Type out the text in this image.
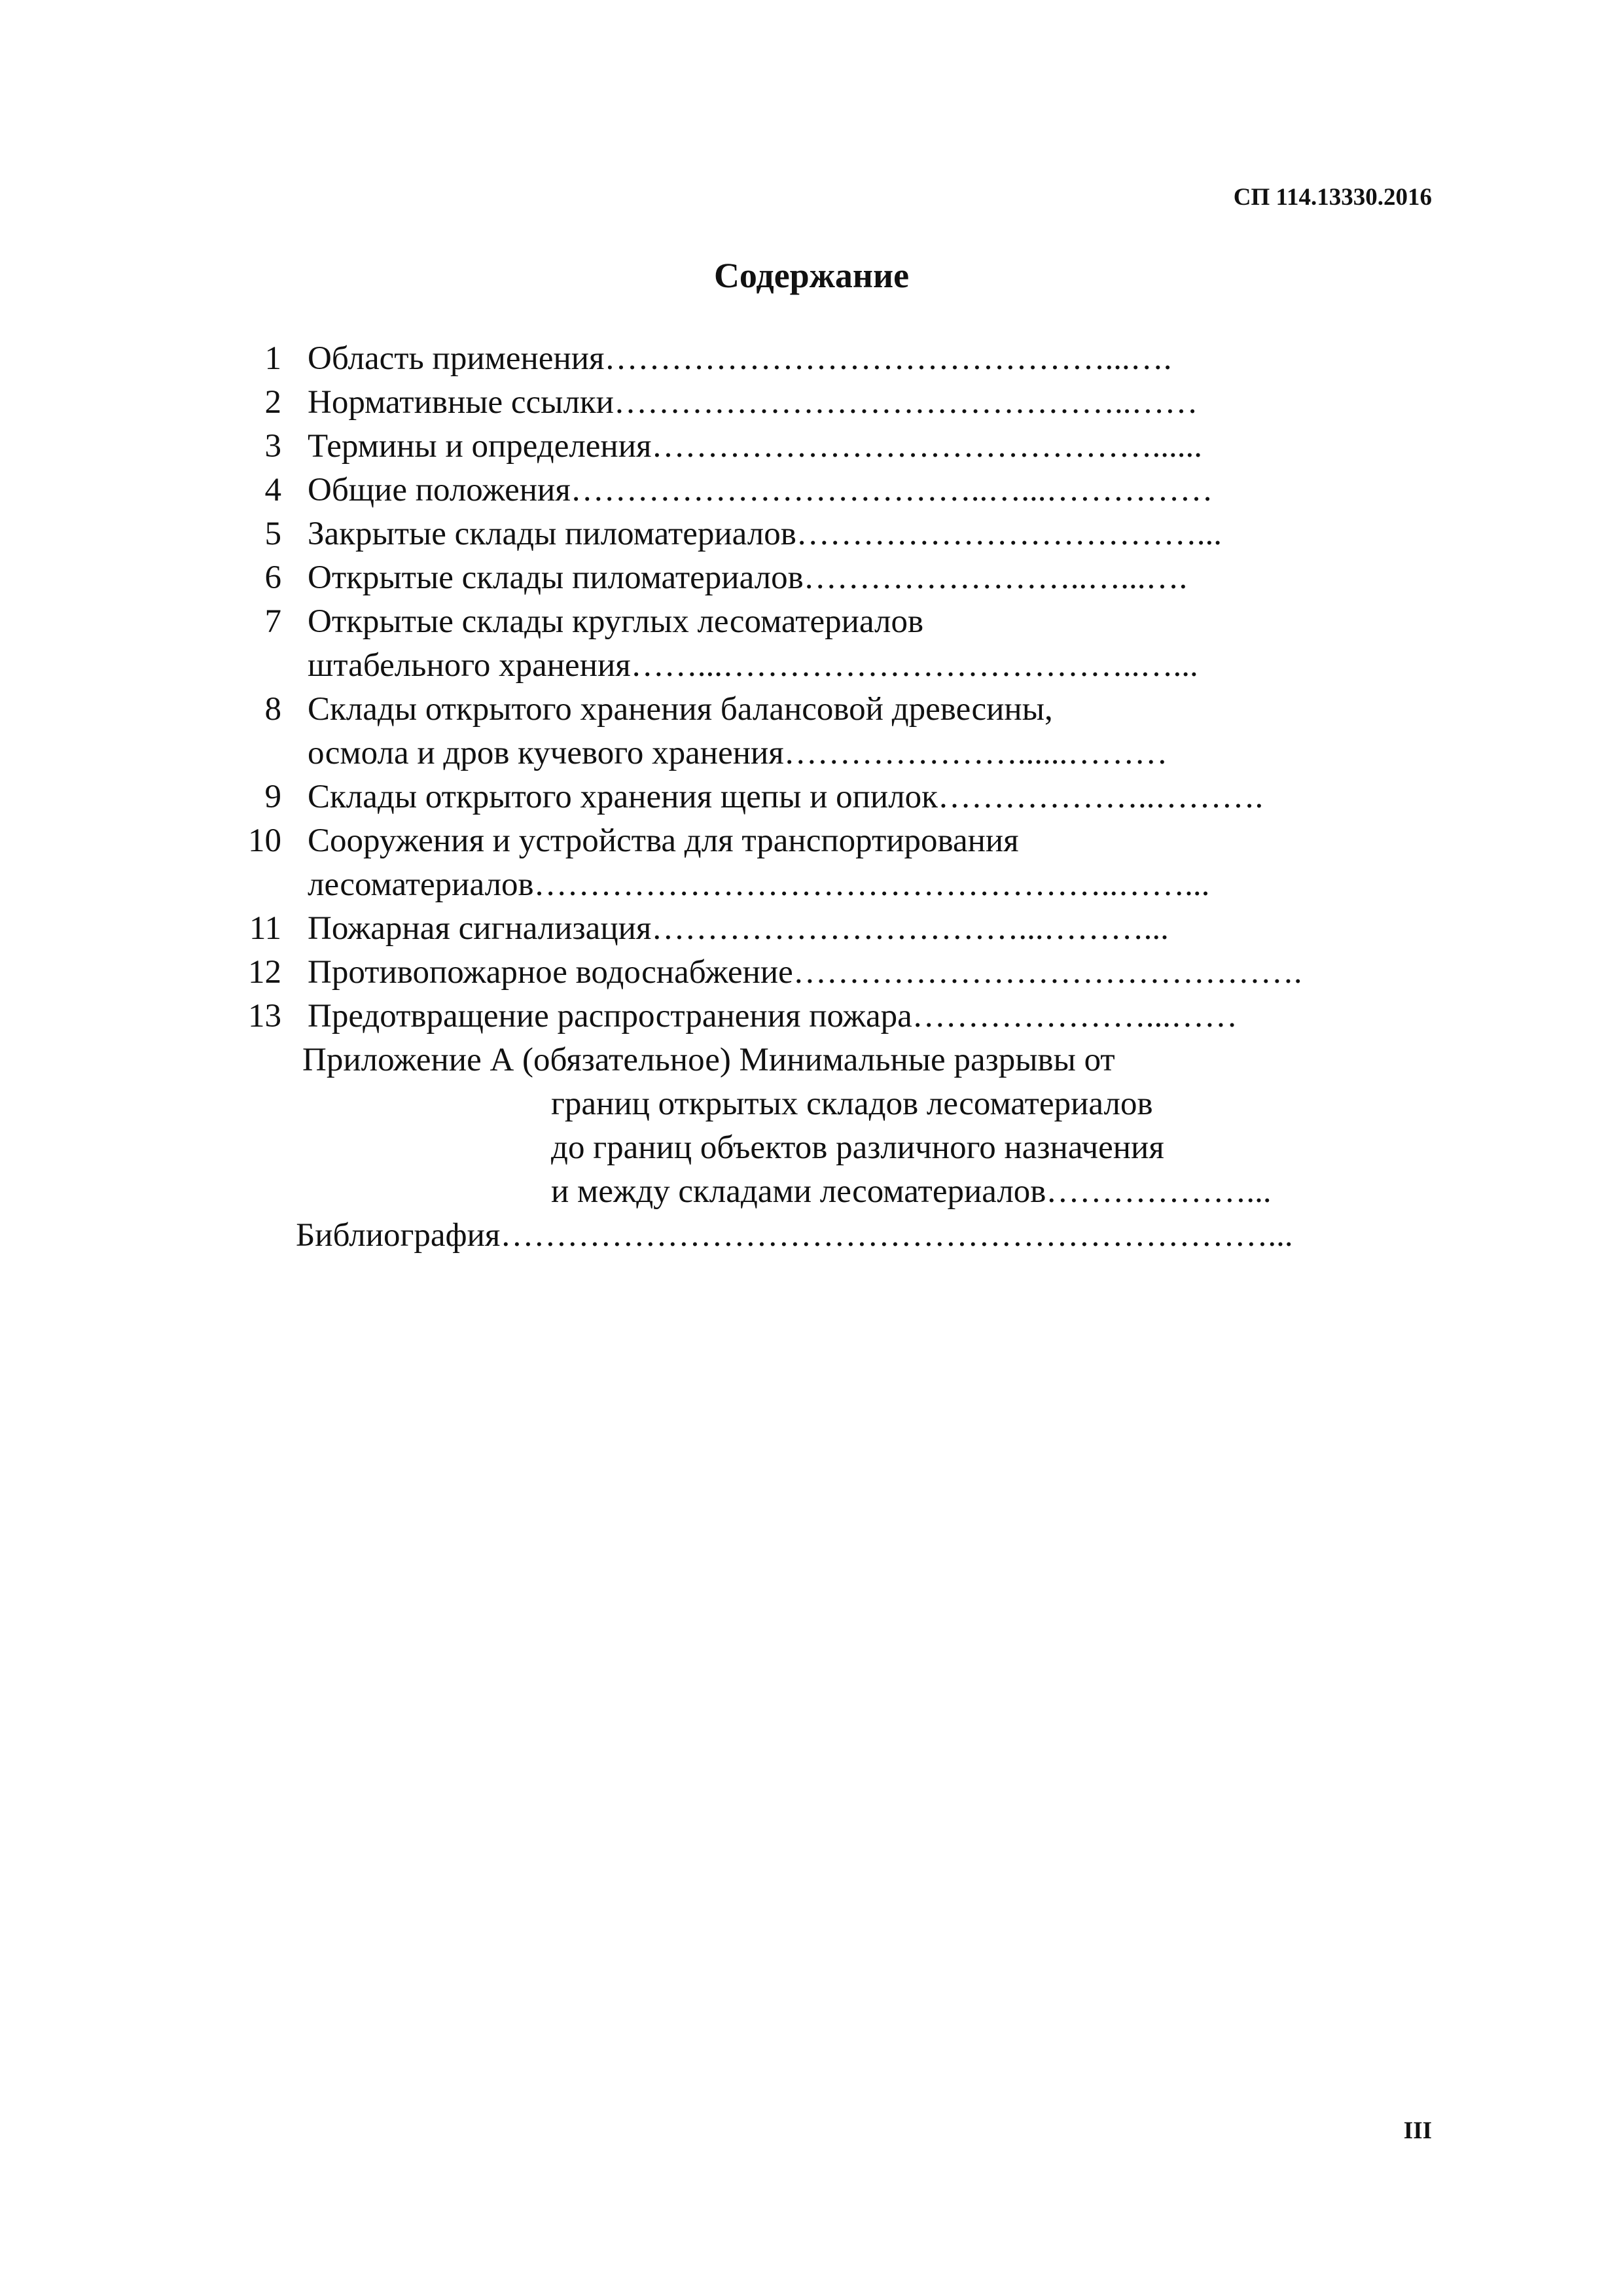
СП 114.13330.2016
Содержание
1 Область применения………………………………………...….
2 Нормативные ссылки………………………………………..……
3 Термины и определения………………………………………......
4 Общие положения………………………………..…...……………
5 Закрытые склады пиломатериалов………………………………...
6 Открытые склады пиломатериалов……………………..…...….
7 Открытые склады круглых лесоматериалов
штабельного хранения……...………………………………..…...
8 Склады открытого хранения балансовой древесины,
осмола и дров кучевого хранения…………………......………
9 Склады открытого хранения щепы и опилок………………..……….
10 Сооружения и устройства для транспортирования
лесоматериалов……………………………………………..……...
11 Пожарная сигнализация……………………………...………...
12 Противопожарное водоснабжение……………………………………….
13 Предотвращение распространения пожара…………………...……
Приложение А (обязательное) Минимальные разрывы от
границ открытых складов лесоматериалов
до границ объектов различного назначения
и между складами лесоматериалов………………...
Библиография……………………………………………………………...
III
